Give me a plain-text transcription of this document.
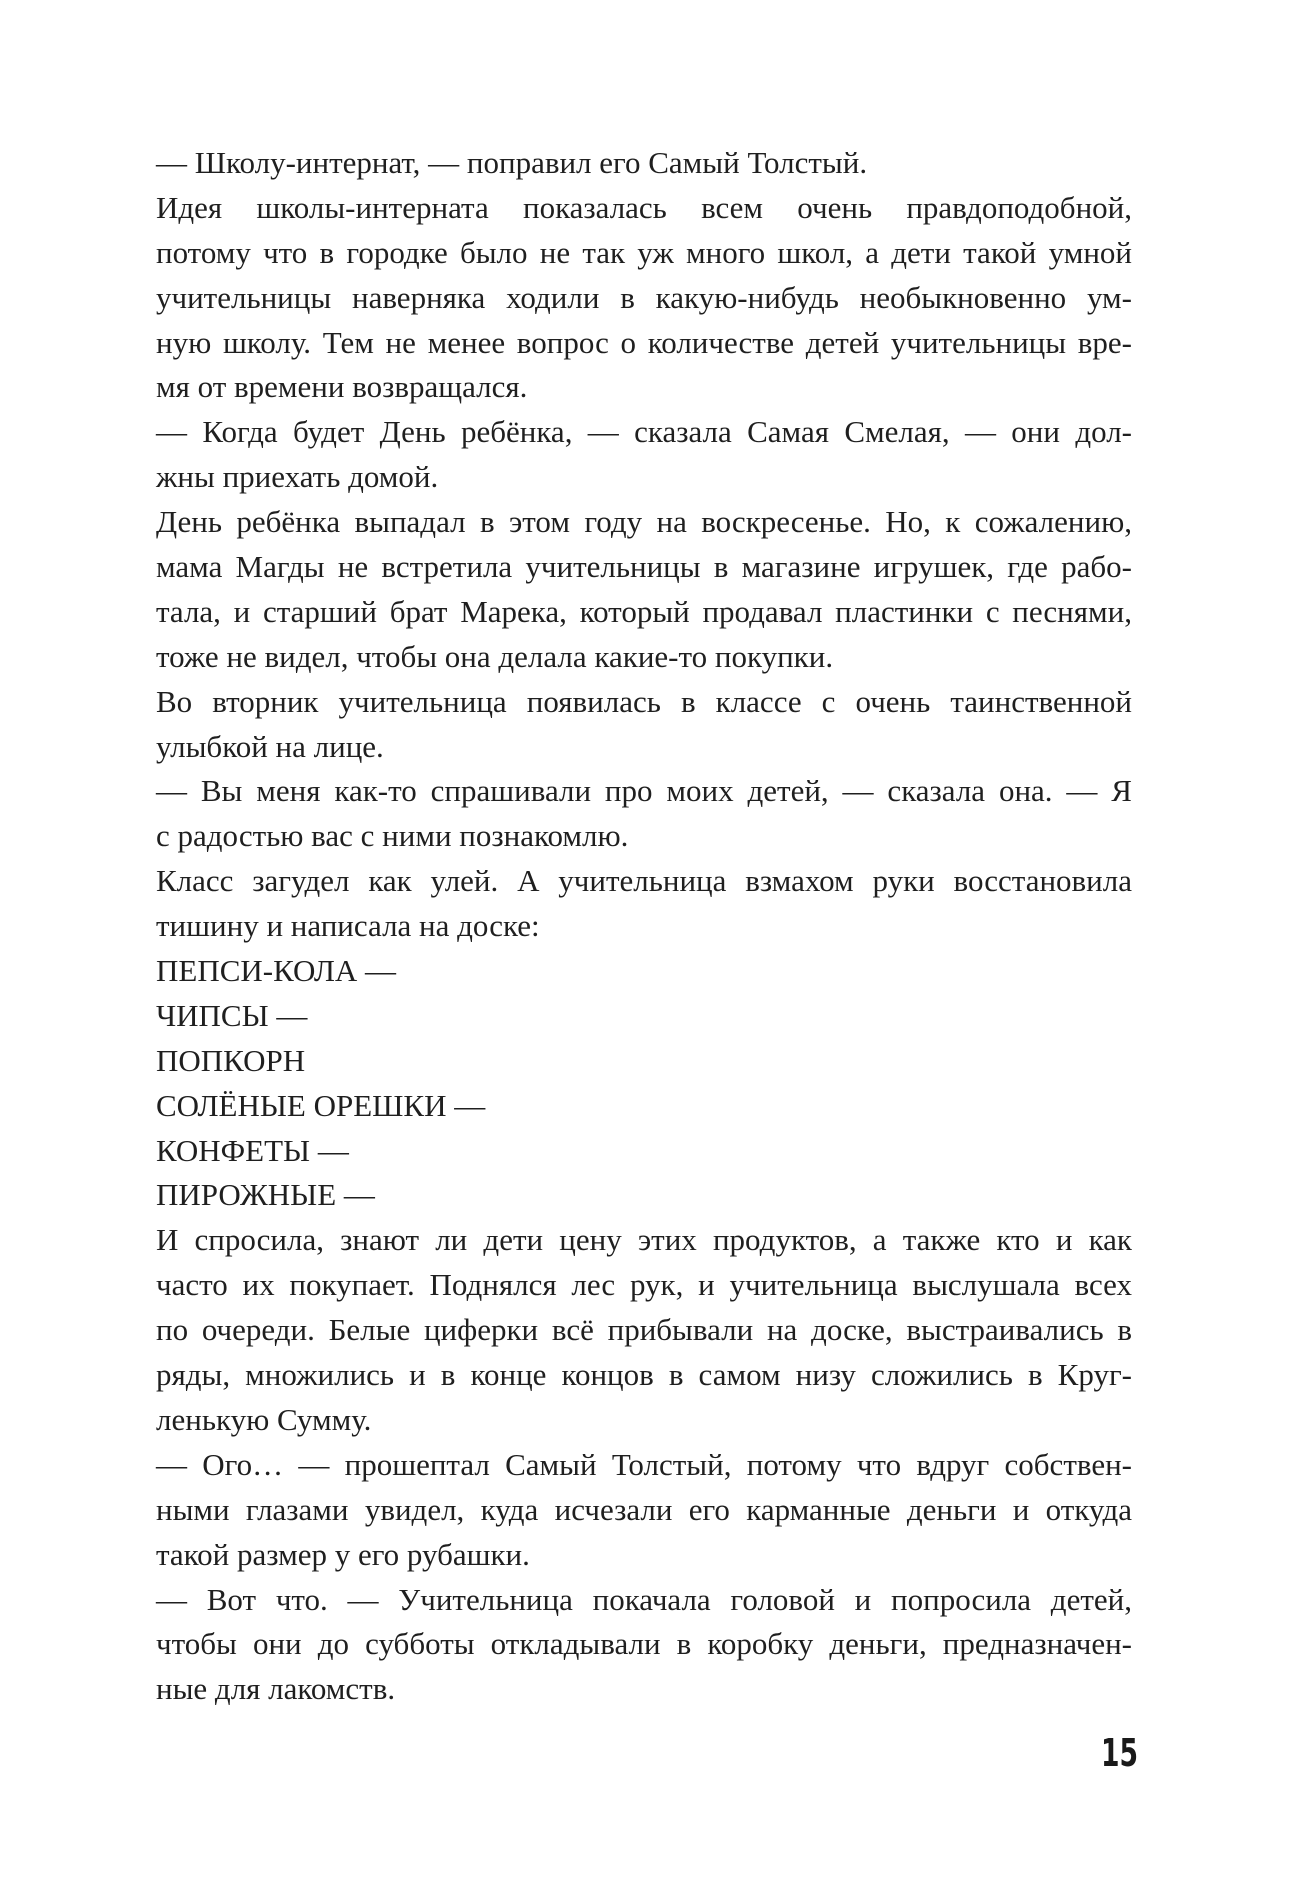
— Школу-интернат, — поправил его Самый Толстый.
Идея школы-интерната показалась всем очень правдоподобной,
потому что в городке было не так уж много школ, а дети такой умной
учительницы наверняка ходили в какую-нибудь необыкновенно ум-
ную школу. Тем не менее вопрос о количестве детей учительницы вре-
мя от времени возвращался.
— Когда будет День ребёнка, — сказала Самая Смелая, — они дол-
жны приехать домой.
День ребёнка выпадал в этом году на воскресенье. Но, к сожалению,
мама Магды не встретила учительницы в магазине игрушек, где рабо-
тала, и старший брат Марека, который продавал пластинки с песнями,
тоже не видел, чтобы она делала какие-то покупки.
Во вторник учительница появилась в классе с очень таинственной
улыбкой на лице.
— Вы меня как-то спрашивали про моих детей, — сказала она. — Я
с радостью вас с ними познакомлю.
Класс загудел как улей. А учительница взмахом руки восстановила
тишину и написала на доске:
ПЕПСИ-КОЛА —
ЧИПСЫ —
ПОПКОРН
СОЛЁНЫЕ ОРЕШКИ —
КОНФЕТЫ —
ПИРОЖНЫЕ —
И спросила, знают ли дети цену этих продуктов, а также кто и как
часто их покупает. Поднялся лес рук, и учительница выслушала всех
по очереди. Белые циферки всё прибывали на доске, выстраивались в
ряды, множились и в конце концов в самом низу сложились в Круг-
ленькую Сумму.
— Ого… — прошептал Самый Толстый, потому что вдруг собствен-
ными глазами увидел, куда исчезали его карманные деньги и откуда
такой размер у его рубашки.
— Вот что. — Учительница покачала головой и попросила детей,
чтобы они до субботы откладывали в коробку деньги, предназначен-
ные для лакомств.
15
